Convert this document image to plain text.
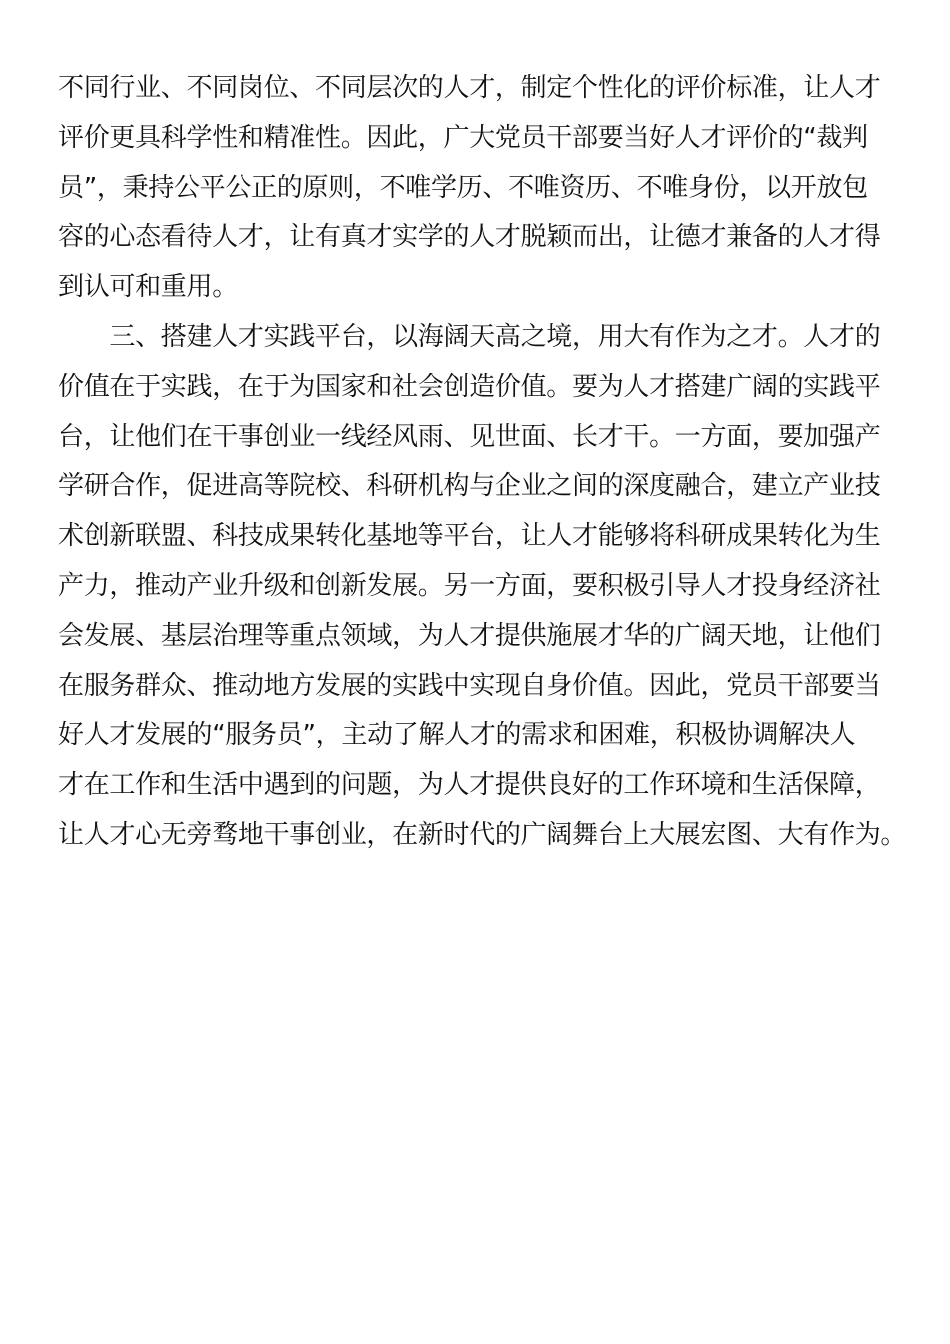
不同行业、不同岗位、不同层次的人才，制定个性化的评价标准，让人才
评价更具科学性和精准性。因此，广大党员干部要当好人才评价的“裁判
员”，秉持公平公正的原则，不唯学历、不唯资历、不唯身份，以开放包
容的心态看待人才，让有真才实学的人才脱颖而出，让德才兼备的人才得
到认可和重用。
　　三、搭建人才实践平台，以海阔天高之境，用大有作为之才。人才的
价值在于实践，在于为国家和社会创造价值。要为人才搭建广阔的实践平
台，让他们在干事创业一线经风雨、见世面、长才干。一方面，要加强产
学研合作，促进高等院校、科研机构与企业之间的深度融合，建立产业技
术创新联盟、科技成果转化基地等平台，让人才能够将科研成果转化为生
产力，推动产业升级和创新发展。另一方面，要积极引导人才投身经济社
会发展、基层治理等重点领域，为人才提供施展才华的广阔天地，让他们
在服务群众、推动地方发展的实践中实现自身价值。因此，党员干部要当
好人才发展的“服务员”，主动了解人才的需求和困难，积极协调解决人
才在工作和生活中遇到的问题，为人才提供良好的工作环境和生活保障，
让人才心无旁骛地干事创业，在新时代的广阔舞台上大展宏图、大有作为。
